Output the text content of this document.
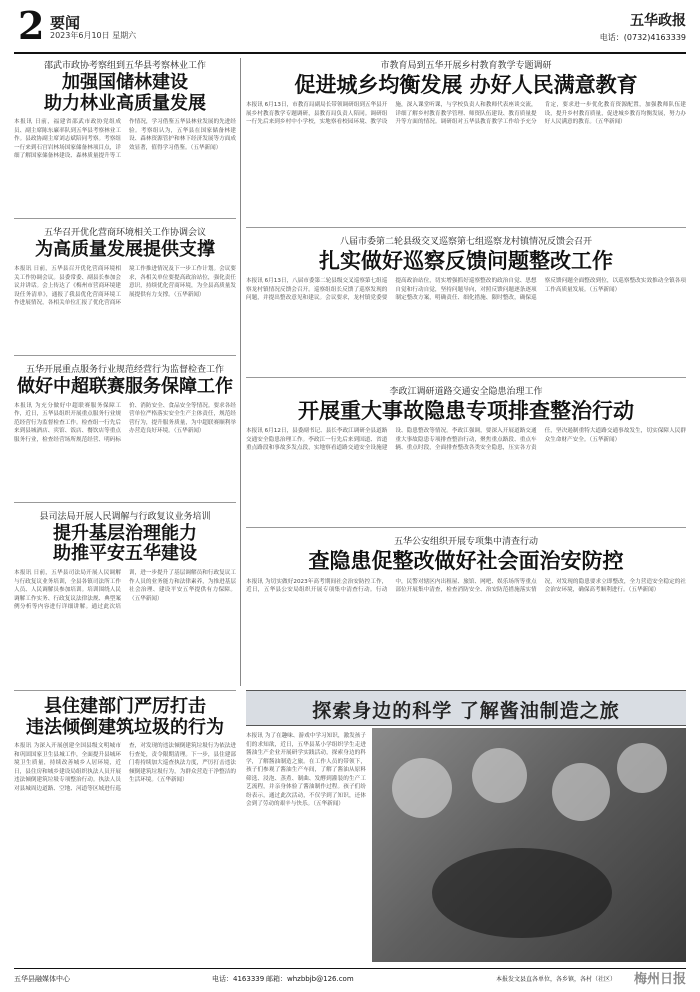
2 要闻
2023年6月10日 星期六
五华政报
电话：(0732)4163339
邵武市政协考察组到五华县考察林业工作
加强国储林建设
助力林业高质量发展
本报讯 日前，福建省邵武市政协党组成员、副主席陈东廉率队到五华县考察林业工作。县政协副主席刘志斌陪同考察。考察组一行来到石宫岩林场国家储备林项目点，详细了解国家储备林建设、森林质量提升等工作情况，学习借鉴五华县林业发展的先进经验。考察组认为，五华县在国家储备林建设、森林资源管护和林下经济发展等方面成效显著，值得学习借鉴。（五华新闻）
五华召开优化营商环境相关工作协调会议
为高质量发展提供支撑
本报讯 日前，五华县召开优化营商环境相关工作协调会议。县委常委、副县长参加会议并讲话。会上传达了《梅州市营商环境建设任务清单》，通报了我县优化营商环境工作进展情况，各相关单位汇报了优化营商环境工作推进情况及下一步工作计划。会议要求，各相关单位要提高政治站位，强化责任意识，持续优化营商环境，为全县高质量发展提供有力支撑。（五华新闻）
五华开展重点服务行业规范经营行为监督检查工作
做好中超联赛服务保障工作
本报讯 为充分做好中超联赛服务保障工作，近日，五华县组织开展重点服务行业规范经营行为监督检查工作。检查组一行先后来到县城酒店、宾馆、饭店、餐饮店等重点服务行业，检查经营场所规范经营、明码标价、消防安全、食品安全等情况。要求各经营单位严格落实安全生产主体责任，规范经营行为，提升服务质量，为中超联赛顺利举办营造良好环境。（五华新闻）
县司法局开展人民调解与行政复议业务培训
提升基层治理能力
助推平安五华建设
本报讯 日前，五华县司法局开展人民调解与行政复议业务培训，全县各镇司法所工作人员、人民调解员参加培训。培训围绕人民调解工作实务、行政复议法律法规、典型案例分析等内容进行详细讲解。通过此次培训，进一步提升了基层调解员和行政复议工作人员的业务能力和法律素养，为推进基层社会治理、建设平安五华提供有力保障。（五华新闻）
市教育局到五华开展乡村教育教学专题调研
促进城乡均衡发展 办好人民满意教育
本报讯 6月13日，市教育局副局长带领调研组到五华县开展乡村教育教学专题调研，县教育局负责人陪同。调研组一行先后来到乡村中小学校，实地察看校园环境、教学设施，深入课堂听课，与学校负责人和教师代表座谈交流，详细了解乡村教育教学管理、师资队伍建设、教育质量提升等方面的情况。调研组对五华县教育教学工作给予充分肯定，要求进一步优化教育资源配置，加强教师队伍建设，提升乡村教育质量，促进城乡教育均衡发展，努力办好人民满意的教育。（五华新闻）
八届市委第二轮县级交叉巡察第七组巡察龙村镇情况反馈会召开
扎实做好巡察反馈问题整改工作
本报讯 6月13日，八届市委第二轮县级交叉巡察第七组巡察龙村镇情况反馈会召开。巡察组组长反馈了巡察发现的问题，并提出整改意见和建议。会议要求，龙村镇党委要提高政治站位，切实增强抓好巡察整改的政治自觉、思想自觉和行动自觉，坚持问题导向，对照反馈问题逐条逐项制定整改方案，明确责任、细化措施、限时整改，确保巡察反馈问题全面整改到位，以巡察整改实效推动全镇各项工作高质量发展。（五华新闻）
李政江调研道路交通安全隐患治理工作
开展重大事故隐患专项排查整治行动
本报讯 6月12日，县委副书记、县长李政江调研全县道路交通安全隐患治理工作。李政江一行先后来到国道、省道重点路段和事故多发点段，实地察看道路交通安全设施建设、隐患整改等情况。李政江强调，要深入开展道路交通重大事故隐患专项排查整治行动，聚焦重点路段、重点车辆、重点时段，全面排查整改各类安全隐患，压实各方责任，坚决遏制重特大道路交通事故发生，切实保障人民群众生命财产安全。（五华新闻）
五华公安组织开展专项集中清查行动
查隐患促整改做好社会面治安防控
本报讯 为切实做好2023年高考期间社会治安防控工作，近日，五华县公安局组织开展专项集中清查行动。行动中，民警对辖区内出租屋、旅馆、网吧、娱乐场所等重点部位开展集中清查，检查消防安全、治安防范措施落实情况，对发现的隐患要求立即整改，全力营造安全稳定的社会治安环境，确保高考顺利进行。（五华新闻）
县住建部门严厉打击
违法倾倒建筑垃圾的行为
本报讯 为深入开展创建全国县级文明城市和巩固国家卫生县城工作，全面提升县城环境卫生质量，持续改善城乡人居环境，近日，县住房和城乡建设局组织执法人员开展违法倾倒建筑垃圾专项整治行动。执法人员对县城周边道路、空地、河道等区域进行巡查，对发现的违法倾倒建筑垃圾行为依法进行查处，责令限期清理。下一步，县住建部门将持续加大巡查执法力度，严厉打击违法倾倒建筑垃圾行为，为群众营造干净整洁的生活环境。（五华新闻）
探索身边的科学 了解酱油制造之旅
本报讯 为了在趣味、游戏中学习知识，激发孩子们的求知欲，近日，五华县某小学组织学生走进酱油生产企业开展研学实践活动，探索身边的科学，了解酱油制造之旅。在工作人员的带领下，孩子们参观了酱油生产车间，了解了酱油从原料筛选、浸泡、蒸煮、制曲、发酵到灌装的生产工艺流程，并亲身体验了酱油制作过程。孩子们纷纷表示，通过此次活动，不仅学到了知识，还体会到了劳动的艰辛与快乐。（五华新闻）
五华县融媒体中心	电话：4163339 邮箱：whzbbjb@126.com	本报发文县直各单位，各乡镇，各村（社区） 梅州日报
